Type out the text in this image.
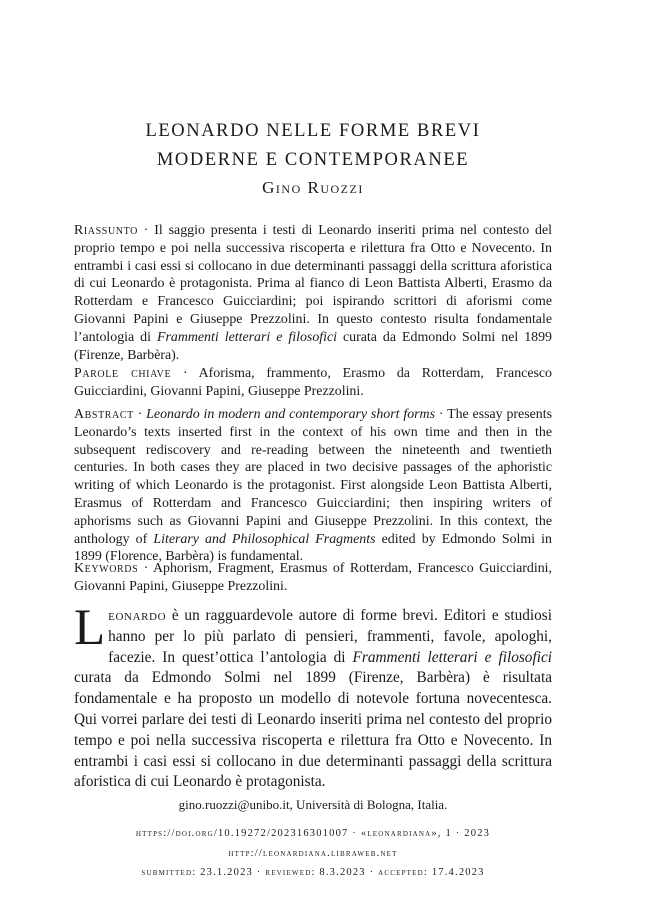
LEONARDO NELLE FORME BREVI
MODERNE E CONTEMPORANEE
Gino Ruozzi
Riassunto · Il saggio presenta i testi di Leonardo inseriti prima nel contesto del proprio tempo e poi nella successiva riscoperta e rilettura fra Otto e Novecento. In entrambi i casi essi si collocano in due determinanti passaggi della scrittura aforistica di cui Leonardo è protagonista. Prima al fianco di Leon Battista Alberti, Erasmo da Rotterdam e Francesco Guicciardini; poi ispirando scrittori di aforismi come Giovanni Papini e Giuseppe Prezzolini. In questo contesto risulta fondamentale l’antologia di Frammenti letterari e filosofici curata da Edmondo Solmi nel 1899 (Firenze, Barbèra).
Parole chiave · Aforisma, frammento, Erasmo da Rotterdam, Francesco Guicciardini, Giovanni Papini, Giuseppe Prezzolini.
Abstract · Leonardo in modern and contemporary short forms · The essay presents Leonardo’s texts inserted first in the context of his own time and then in the subsequent rediscovery and re-reading between the nineteenth and twentieth centuries. In both cases they are placed in two decisive passages of the aphoristic writing of which Leonardo is the protagonist. First alongside Leon Battista Alberti, Erasmus of Rotterdam and Francesco Guicciardini; then inspiring writers of aphorisms such as Giovanni Papini and Giuseppe Prezzolini. In this context, the anthology of Literary and Philosophical Fragments edited by Edmondo Solmi in 1899 (Florence, Barbèra) is fundamental.
Keywords · Aphorism, Fragment, Erasmus of Rotterdam, Francesco Guicciardini, Giovanni Papini, Giuseppe Prezzolini.
Leonardo è un ragguardevole autore di forme brevi. Editori e studiosi hanno per lo più parlato di pensieri, frammenti, favole, apologhi, facezie. In quest’ottica l’antologia di Frammenti letterari e filosofici curata da Edmondo Solmi nel 1899 (Firenze, Barbèra) è risultata fondamentale e ha proposto un modello di notevole fortuna novecentesca. Qui vorrei parlare dei testi di Leonardo inseriti prima nel contesto del proprio tempo e poi nella successiva riscoperta e rilettura fra Otto e Novecento. In entrambi i casi essi si collocano in due determinanti passaggi della scrittura aforistica di cui Leonardo è protagonista.
gino.ruozzi@unibo.it, Università di Bologna, Italia.
https://doi.org/10.19272/202316301007 · «leonardiana», 1 · 2023
http://leonardiana.libraweb.net
submitted: 23.1.2023 · reviewed: 8.3.2023 · accepted: 17.4.2023
